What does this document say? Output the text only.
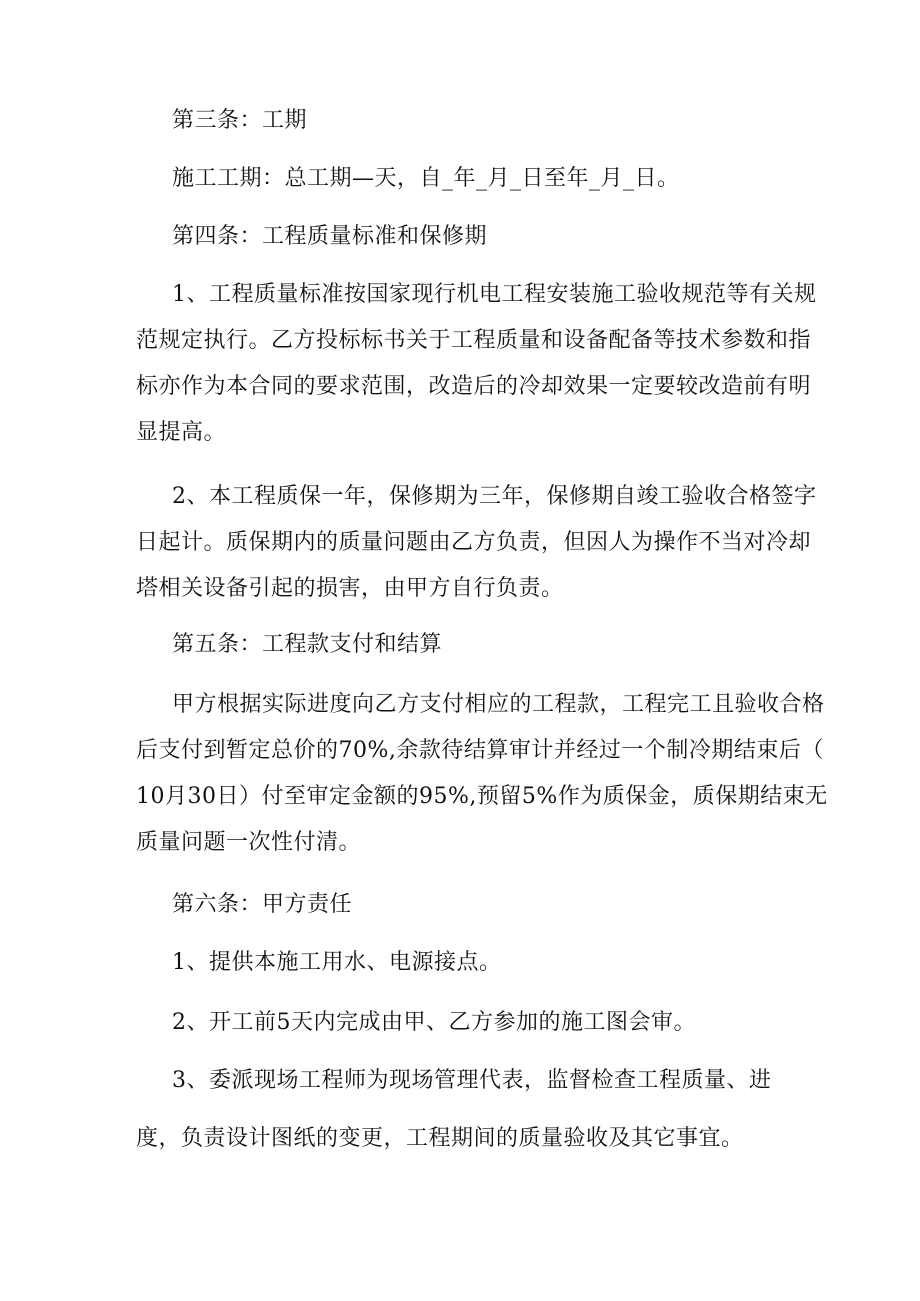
第三条：工期
施工工期：总工期—天，自_年_月_日至年_月_日。
第四条：工程质量标准和保修期
1、工程质量标准按国家现行机电工程安装施工验收规范等有关规
范规定执行。乙方投标标书关于工程质量和设备配备等技术参数和指
标亦作为本合同的要求范围，改造后的冷却效果一定要较改造前有明
显提高。
2、本工程质保一年，保修期为三年，保修期自竣工验收合格签字
日起计。质保期内的质量问题由乙方负责，但因人为操作不当对冷却
塔相关设备引起的损害，由甲方自行负责。
第五条：工程款支付和结算
甲方根据实际进度向乙方支付相应的工程款，工程完工且验收合格
后支付到暂定总价的70%,余款待结算审计并经过一个制冷期结束后（
10月30日）付至审定金额的95%,预留5%作为质保金，质保期结束无
质量问题一次性付清。
第六条：甲方责任
1、提供本施工用水、电源接点。
2、开工前5天内完成由甲、乙方参加的施工图会审。
3、委派现场工程师为现场管理代表，监督检查工程质量、进
度，负责设计图纸的变更，工程期间的质量验收及其它事宜。
